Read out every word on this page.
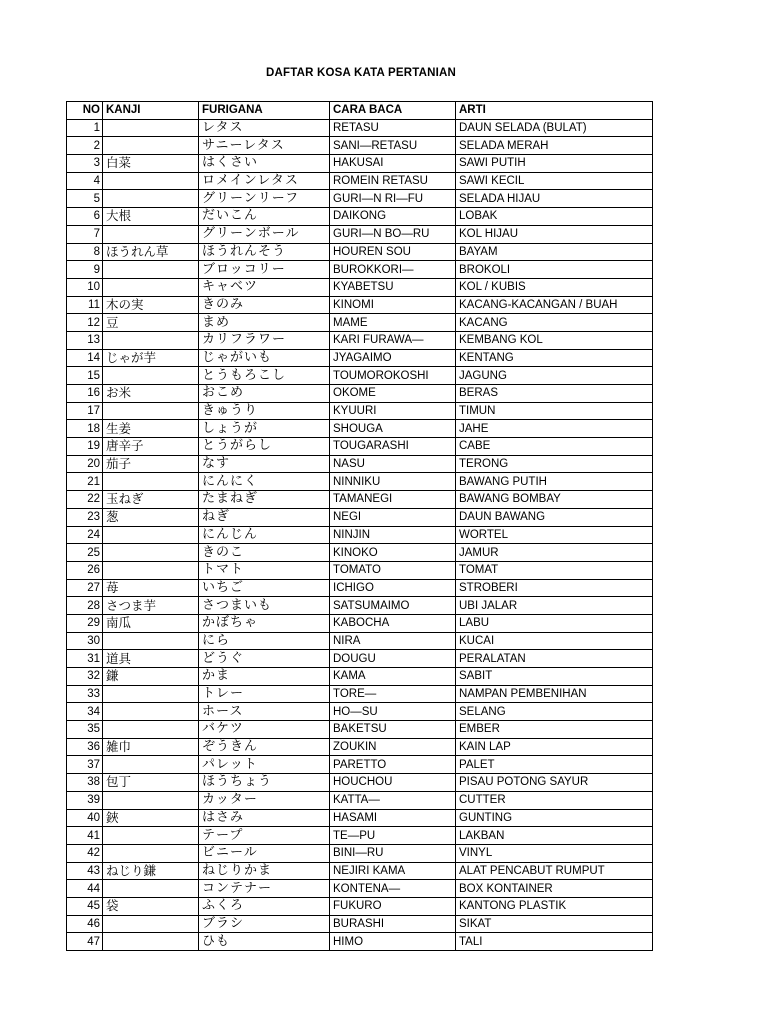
DAFTAR KOSA KATA PERTANIAN
NO	KANJI	FURIGANA	CARA BACA	ARTI
1		レタス	RETASU	DAUN SELADA (BULAT)
2		サニーレタス	SANI—RETASU	SELADA MERAH
3	白菜	はくさい	HAKUSAI	SAWI PUTIH
4		ロメインレタス	ROMEIN RETASU	SAWI KECIL
5		グリーンリーフ	GURI—N RI—FU	SELADA HIJAU
6	大根	だいこん	DAIKONG	LOBAK
7		グリーンボール	GURI—N BO—RU	KOL HIJAU
8	ほうれん草	ほうれんそう	HOUREN SOU	BAYAM
9		ブロッコリー	BUROKKORI—	BROKOLI
10		キャベツ	KYABETSU	KOL / KUBIS
11	木の実	きのみ	KINOMI	KACANG-KACANGAN / BUAH
12	豆	まめ	MAME	KACANG
13		カリフラワー	KARI FURAWA—	KEMBANG KOL
14	じゃが芋	じゃがいも	JYAGAIMO	KENTANG
15		とうもろこし	TOUMOROKOSHI	JAGUNG
16	お米	おこめ	OKOME	BERAS
17		きゅうり	KYUURI	TIMUN
18	生姜	しょうが	SHOUGA	JAHE
19	唐辛子	とうがらし	TOUGARASHI	CABE
20	茄子	なす	NASU	TERONG
21		にんにく	NINNIKU	BAWANG PUTIH
22	玉ねぎ	たまねぎ	TAMANEGI	BAWANG BOMBAY
23	葱	ねぎ	NEGI	DAUN BAWANG
24		にんじん	NINJIN	WORTEL
25		きのこ	KINOKO	JAMUR
26		トマト	TOMATO	TOMAT
27	苺	いちご	ICHIGO	STROBERI
28	さつま芋	さつまいも	SATSUMAIMO	UBI JALAR
29	南瓜	かぼちゃ	KABOCHA	LABU
30		にら	NIRA	KUCAI
31	道具	どうぐ	DOUGU	PERALATAN
32	鎌	かま	KAMA	SABIT
33		トレー	TORE—	NAMPAN PEMBENIHAN
34		ホース	HO—SU	SELANG
35		バケツ	BAKETSU	EMBER
36	雑巾	ぞうきん	ZOUKIN	KAIN LAP
37		パレット	PARETTO	PALET
38	包丁	ほうちょう	HOUCHOU	PISAU POTONG SAYUR
39		カッター	KATTA—	CUTTER
40	鋏	はさみ	HASAMI	GUNTING
41		テープ	TE—PU	LAKBAN
42		ビニール	BINI—RU	VINYL
43	ねじり鎌	ねじりかま	NEJIRI KAMA	ALAT PENCABUT RUMPUT
44		コンテナー	KONTENA—	BOX KONTAINER
45	袋	ふくろ	FUKURO	KANTONG PLASTIK
46		ブラシ	BURASHI	SIKAT
47		ひも	HIMO	TALI
